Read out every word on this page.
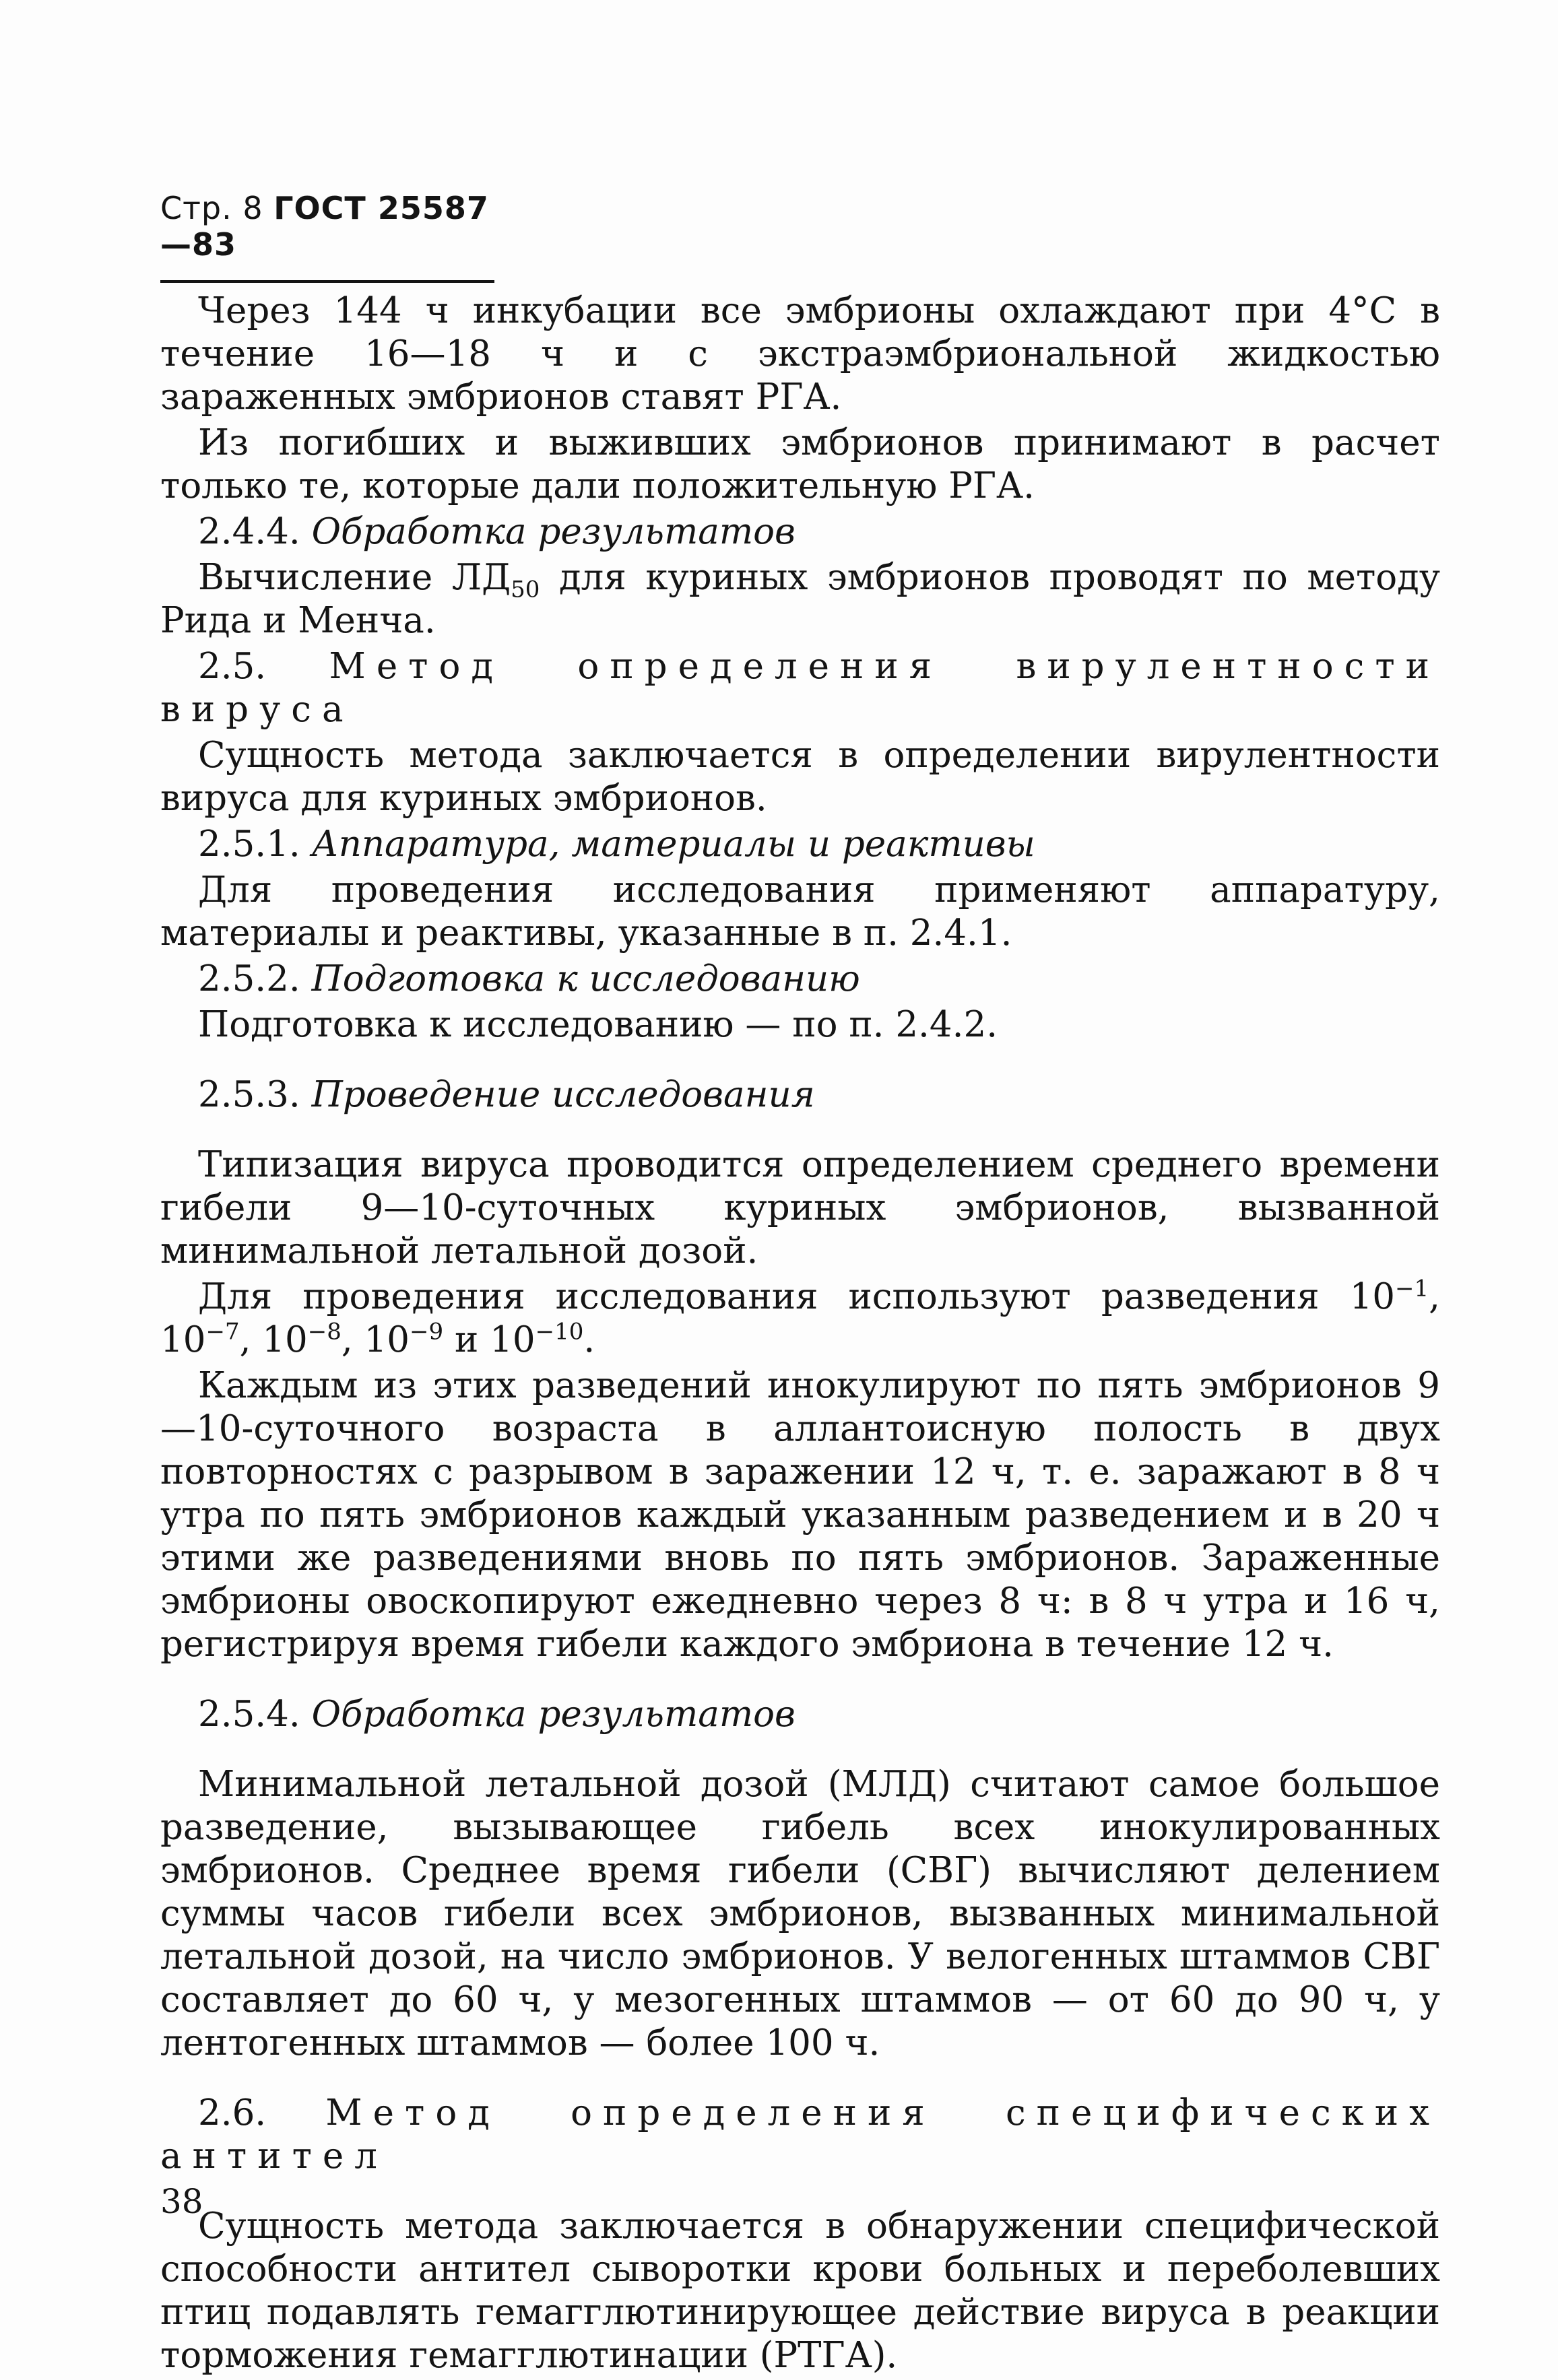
Стр. 8 ГОСТ 25587—83

Через 144 ч инкубации все эмбрионы охлаждают при 4°С в течение 16—18 ч и с экстраэмбриональной жидкостью зараженных эмбрионов ставят РГА.

Из погибших и выживших эмбрионов принимают в расчет только те, которые дали положительную РГА.

2.4.4. Обработка результатов

Вычисление $ЛД_{50}$ для куриных эмбрионов проводят по методу Рида и Менча.

2.5. Метод определения вирулентности вируса

Сущность метода заключается в определении вирулентности вируса для куриных эмбрионов.

2.5.1. Аппаратура, материалы и реактивы

Для проведения исследования применяют аппаратуру, материалы и реактивы, указанные в п. 2.4.1.

2.5.2. Подготовка к исследованию

Подготовка к исследованию — по п. 2.4.2.

2.5.3. Проведение исследования

Типизация вируса проводится определением среднего времени гибели 9—10-суточных куриных эмбрионов, вызванной минимальной летальной дозой.

Для проведения исследования используют разведения $10^{-1}$, $10^{-7}$, $10^{-8}$, $10^{-9}$ и $10^{-10}$.

Каждым из этих разведений инокулируют по пять эмбрионов 9—10-суточного возраста в аллантоисную полость в двух повторностях с разрывом в заражении 12 ч, т. е. заражают в 8 ч утра по пять эмбрионов каждый указанным разведением и в 20 ч этими же разведениями вновь по пять эмбрионов. Зараженные эмбрионы овоскопируют ежедневно через 8 ч: в 8 ч утра и 16 ч, регистрируя время гибели каждого эмбриона в течение 12 ч.

2.5.4. Обработка результатов

Минимальной летальной дозой (МЛД) считают самое большое разведение, вызывающее гибель всех инокулированных эмбрионов. Среднее время гибели (СВГ) вычисляют делением суммы часов гибели всех эмбрионов, вызванных минимальной летальной дозой, на число эмбрионов. У велогенных штаммов СВГ составляет до 60 ч, у мезогенных штаммов — от 60 до 90 ч, у лентогенных штаммов — более 100 ч.

2.6. Метод определения специфических антител

Сущность метода заключается в обнаружении специфической способности антител сыворотки крови больных и переболевших птиц подавлять гемагглютинирующее действие вируса в реакции торможения гемагглютинации (РТГА).

38
